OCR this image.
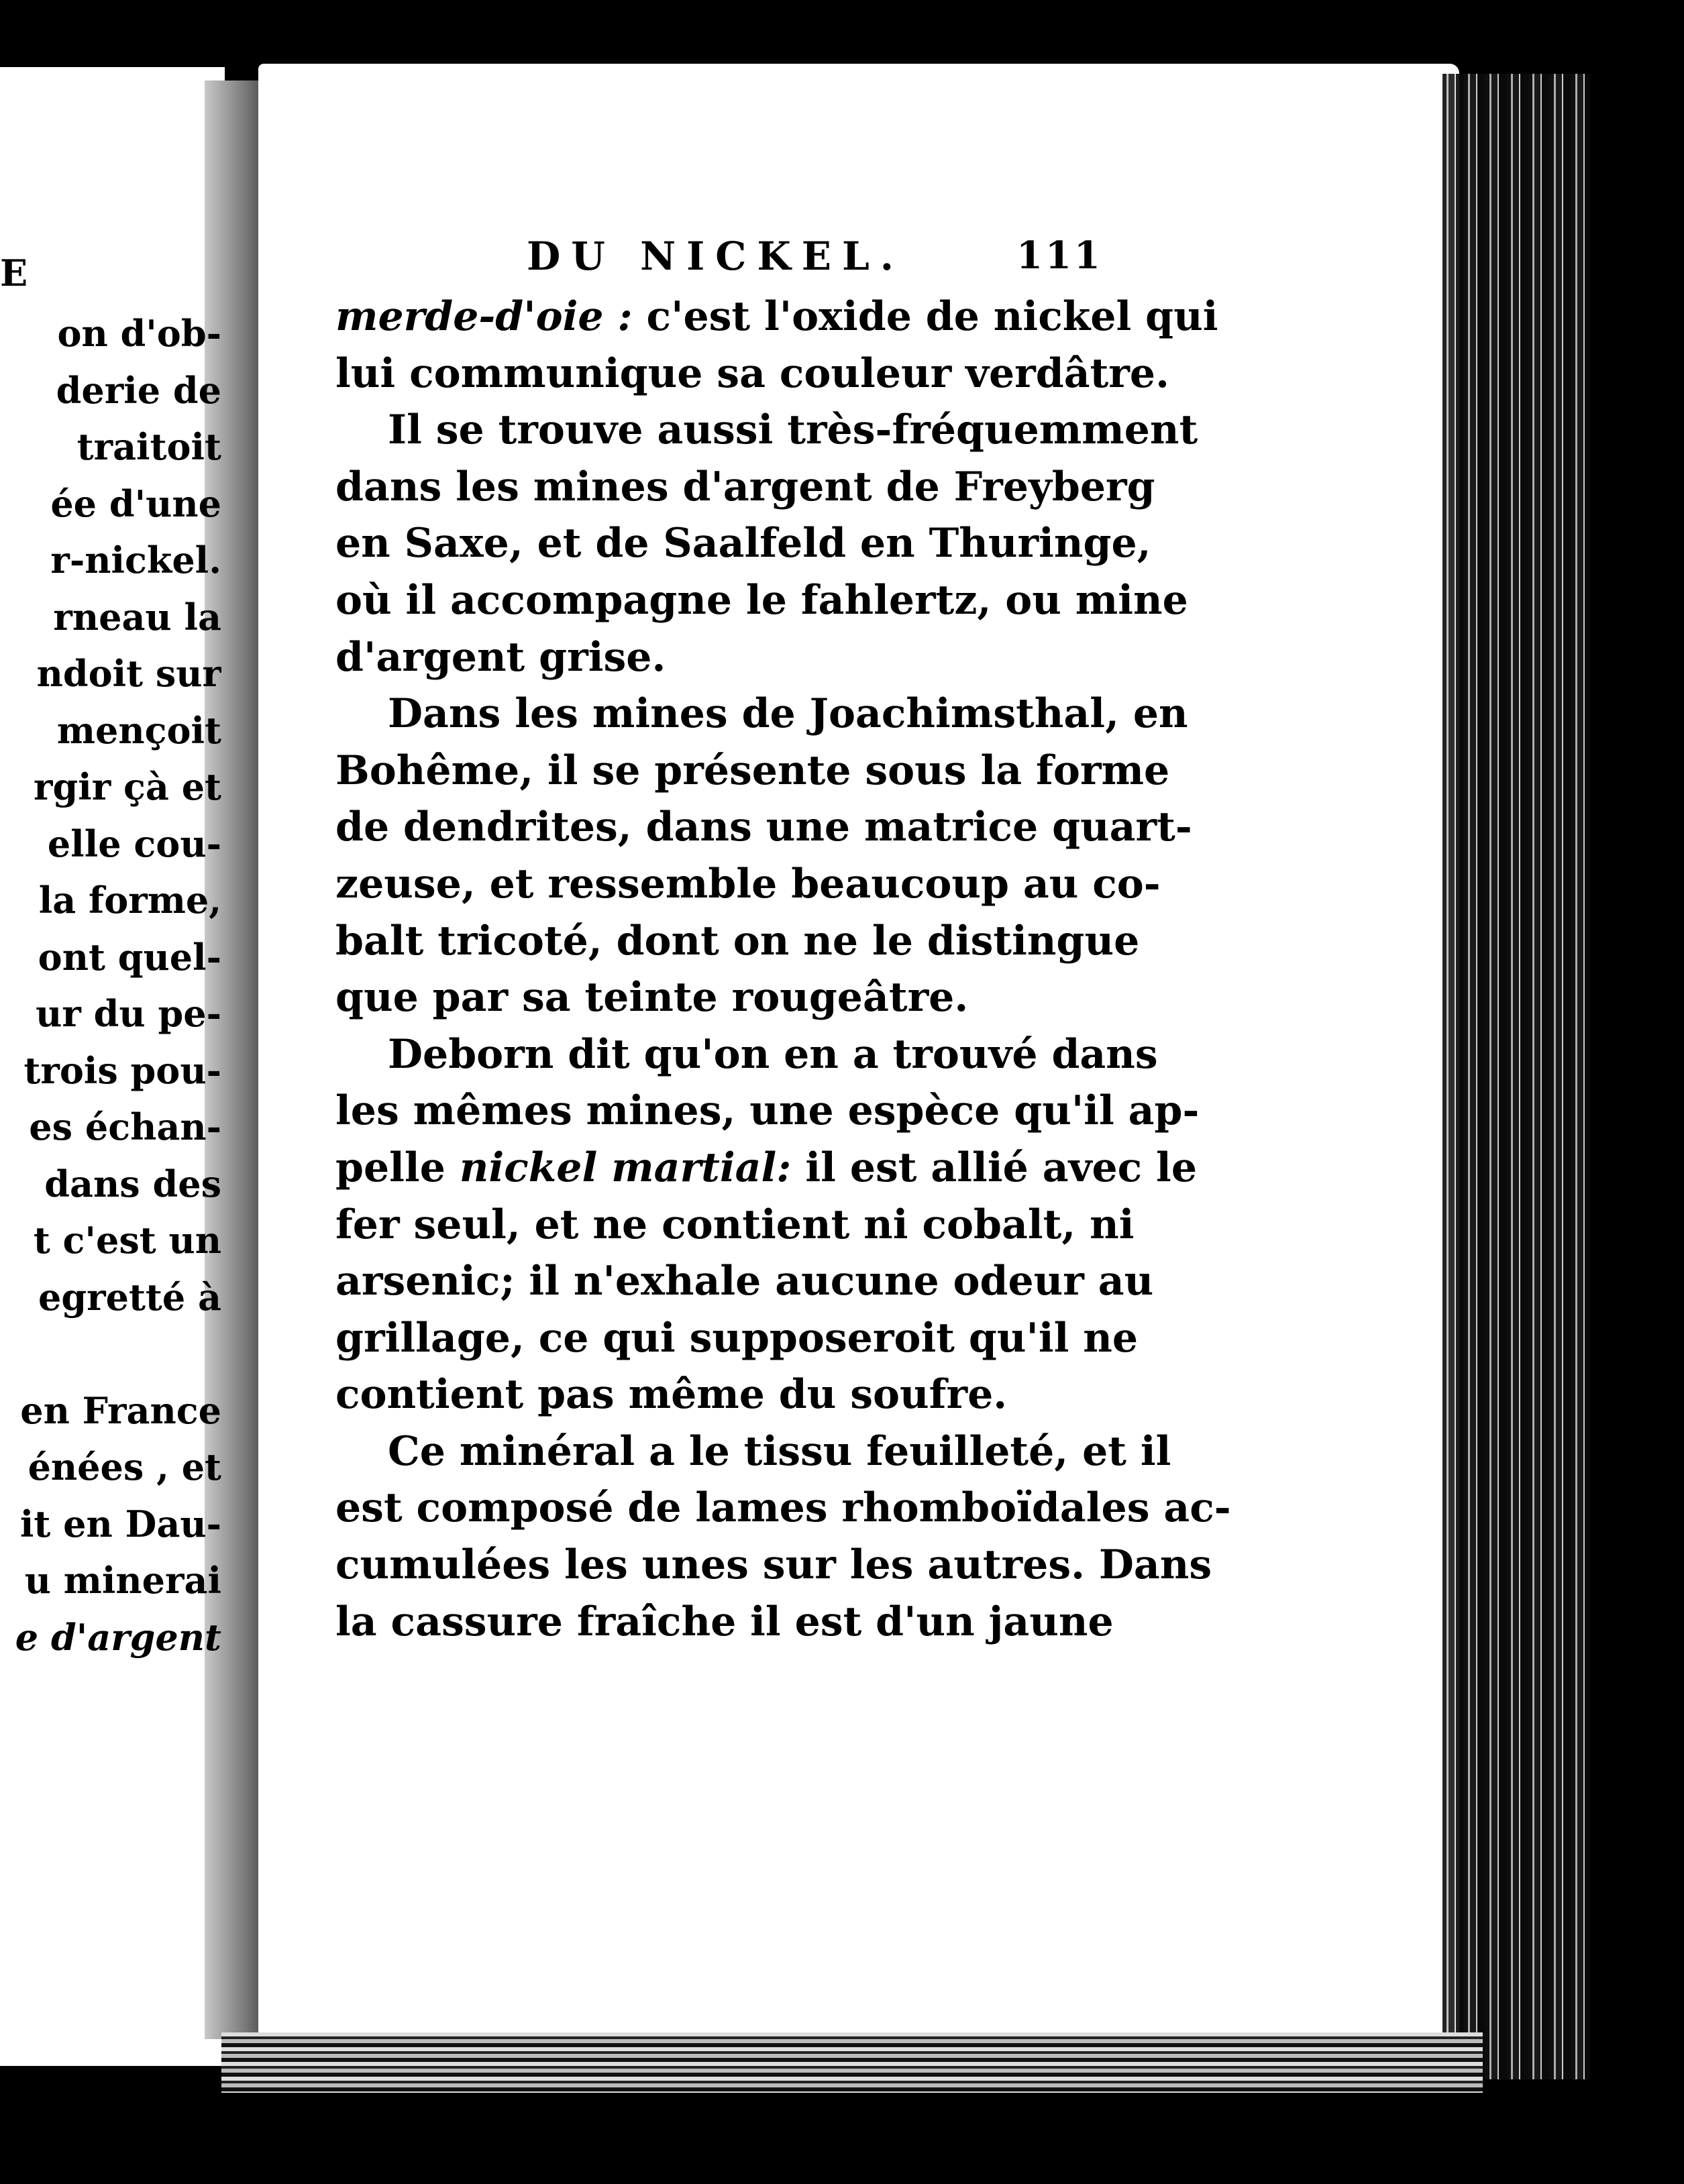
E
on d'ob-
derie de
traitoit
ée d'une
r-nickel.
rneau la
ndoit sur
mençoit
rgir çà et
elle cou-
la forme,
ont quel-
ur du pe-
trois pou-
es échan-
dans des
t c'est un
egretté à
en France
énées , et
it en Dau-
u minerai
e d'argent
DU NICKEL.	111
merde-d'oie : c'est l'oxide de nickel qui
lui communique sa couleur verdâtre.
Il se trouve aussi très-fréquemment
dans les mines d'argent de Freyberg
en Saxe, et de Saalfeld en Thuringe,
où il accompagne le fahlertz, ou mine
d'argent grise.
Dans les mines de Joachimsthal, en
Bohême, il se présente sous la forme
de dendrites, dans une matrice quart-
zeuse, et ressemble beaucoup au co-
balt tricoté, dont on ne le distingue
que par sa teinte rougeâtre.
Deborn dit qu'on en a trouvé dans
les mêmes mines, une espèce qu'il ap-
pelle nickel martial: il est allié avec le
fer seul, et ne contient ni cobalt, ni
arsenic; il n'exhale aucune odeur au
grillage, ce qui supposeroit qu'il ne
contient pas même du soufre.
Ce minéral a le tissu feuilleté, et il
est composé de lames rhomboïdales ac-
cumulées les unes sur les autres. Dans
la cassure fraîche il est d'un jaune
